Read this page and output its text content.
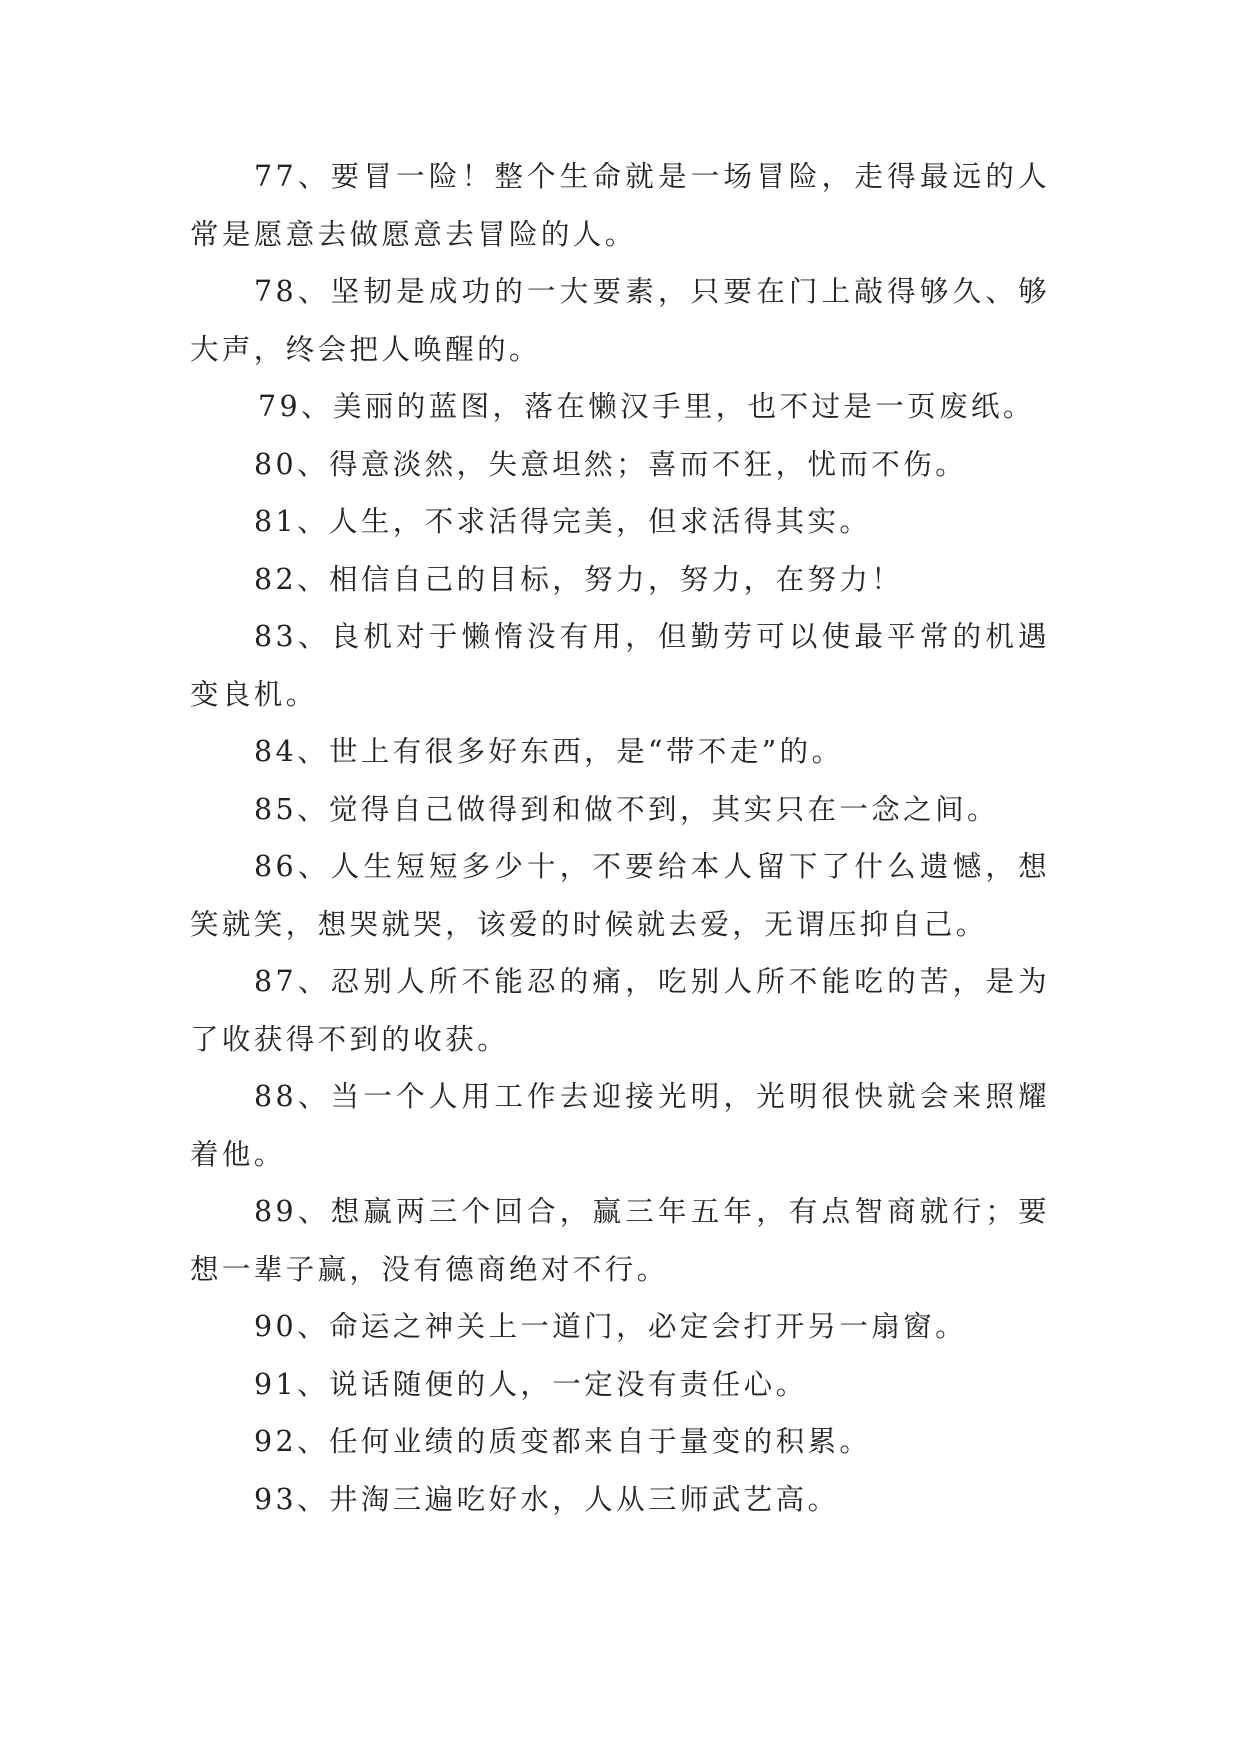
77、要冒一险！整个生命就是一场冒险，走得最远的人常是愿意去做愿意去冒险的人。

78、坚韧是成功的一大要素，只要在门上敲得够久、够大声，终会把人唤醒的。

79、美丽的蓝图，落在懒汉手里，也不过是一页废纸。

80、得意淡然，失意坦然；喜而不狂，忧而不伤。

81、人生，不求活得完美，但求活得其实。

82、相信自己的目标，努力，努力，在努力！

83、良机对于懒惰没有用，但勤劳可以使最平常的机遇变良机。

84、世上有很多好东西，是“带不走”的。

85、觉得自己做得到和做不到，其实只在一念之间。

86、人生短短多少十，不要给本人留下了什么遗憾，想笑就笑，想哭就哭，该爱的时候就去爱，无谓压抑自己。

87、忍别人所不能忍的痛，吃别人所不能吃的苦，是为了收获得不到的收获。

88、当一个人用工作去迎接光明，光明很快就会来照耀着他。

89、想赢两三个回合，赢三年五年，有点智商就行；要想一辈子赢，没有德商绝对不行。

90、命运之神关上一道门，必定会打开另一扇窗。

91、说话随便的人，一定没有责任心。

92、任何业绩的质变都来自于量变的积累。

93、井淘三遍吃好水，人从三师武艺高。
